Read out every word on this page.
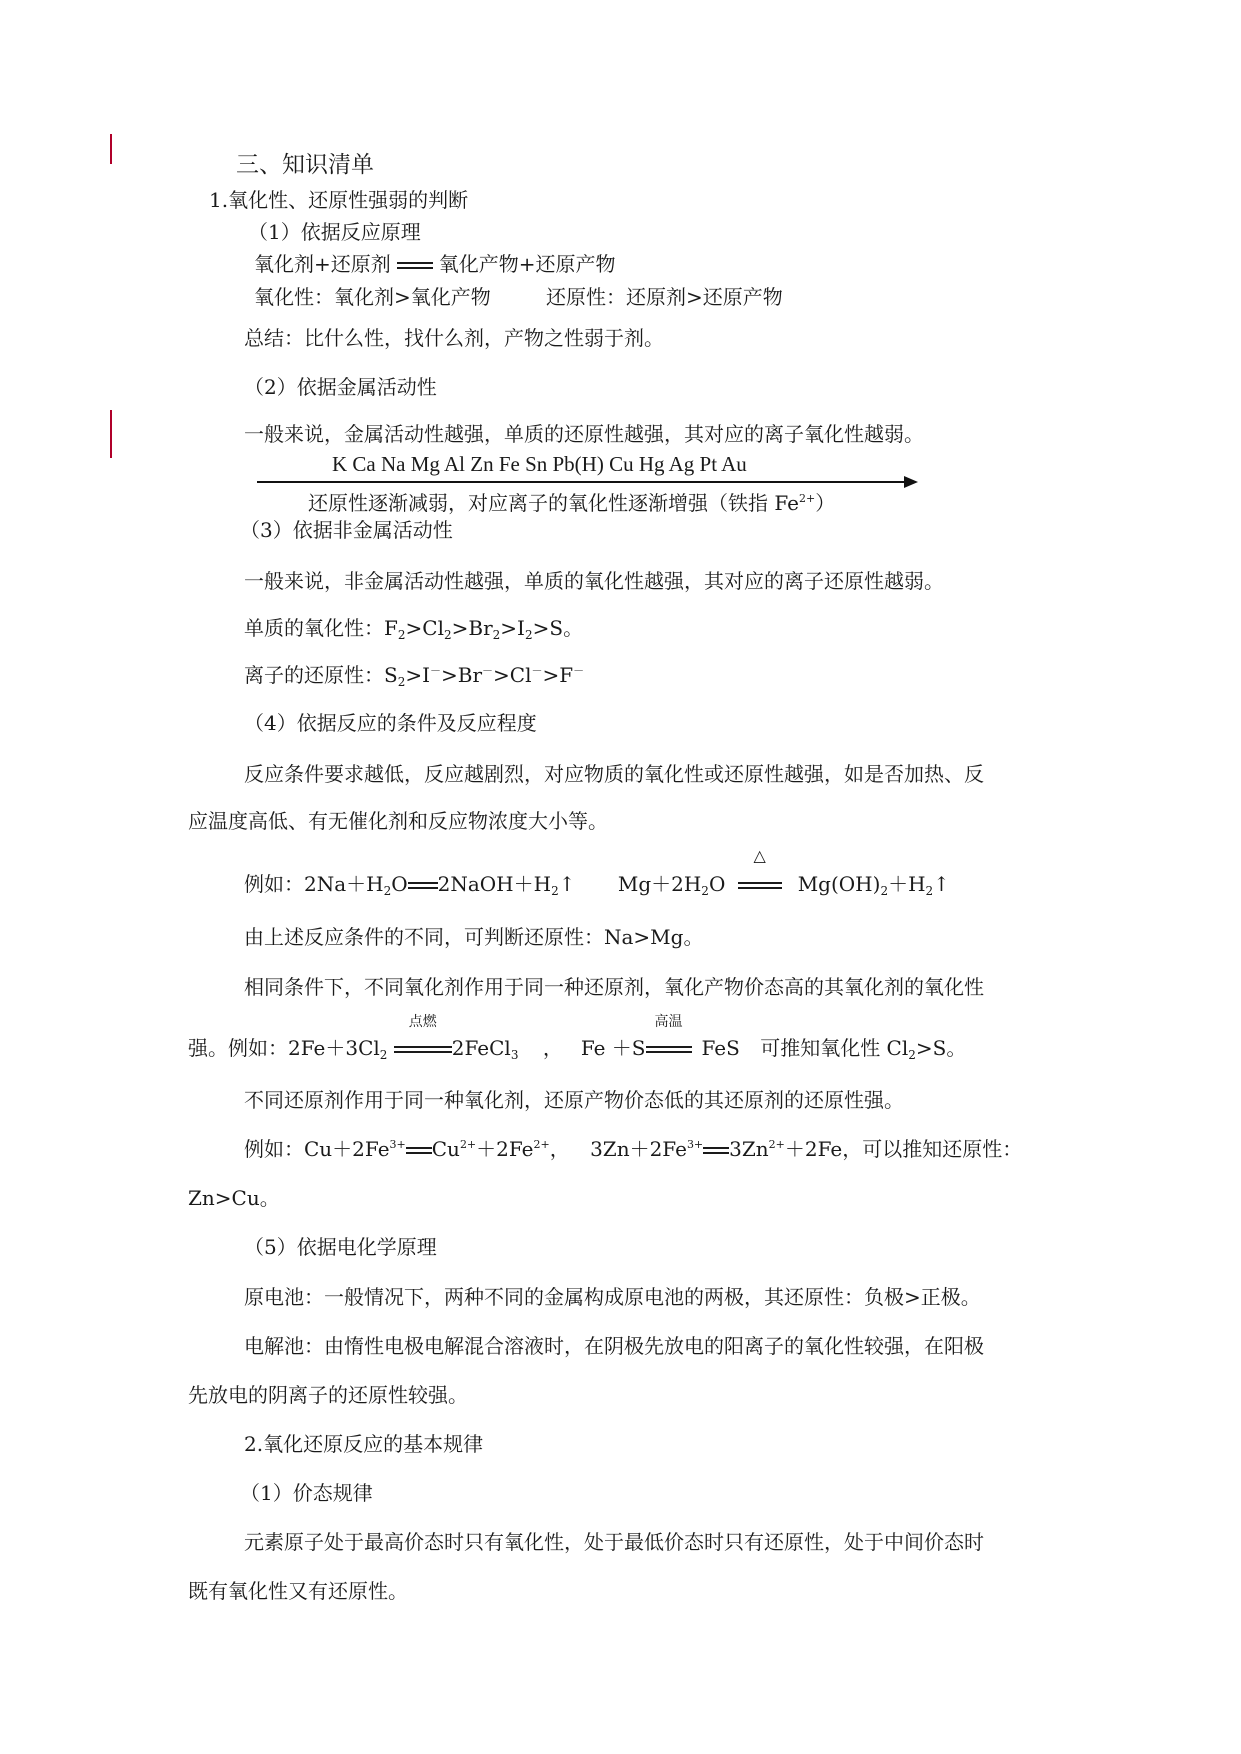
三、知识清单
1.氧化性、还原性强弱的判断
（1）依据反应原理
氧化剂+还原剂 氧化产物+还原产物
氧化性：氧化剂>氧化产物	还原性：还原剂>还原产物
总结：比什么性，找什么剂，产物之性弱于剂。
（2）依据金属活动性
一般来说，金属活动性越强，单质的还原性越强，其对应的离子氧化性越弱。
K Ca Na Mg Al Zn Fe Sn Pb(H) Cu Hg Ag Pt Au
还原性逐渐减弱，对应离子的氧化性逐渐增强（铁指 $Fe^{2+}$）
（3）依据非金属活动性
一般来说，非金属活动性越强，单质的氧化性越强，其对应的离子还原性越弱。
单质的氧化性：$F_2>Cl_2>Br_2>I_2>S$。
离子的还原性：$S_2>I^->Br^->Cl^->F^-$
（4）依据反应的条件及反应程度
反应条件要求越低，反应越剧烈，对应物质的氧化性或还原性越强，如是否加热、反
应温度高低、有无催化剂和反应物浓度大小等。
例如：$2Na+H_2O$ $2NaOH+H_2↑$ $Mg+2H_2O$
△
$Mg(OH)_2+H_2↑$
由上述反应条件的不同，可判断还原性：Na>Mg。
相同条件下，不同氧化剂作用于同一种还原剂，氧化产物价态高的其氧化剂的氧化性
强。例如：$2Fe+3Cl_2$
点燃
2FeCl$_3$ ， Fe ＋S
高温
FeS 可推知氧化性 $Cl_2>S$。
不同还原剂作用于同一种氧化剂，还原产物价态低的其还原剂的还原性强。
例如：$Cu+2Fe^{3+}$ $Cu^{2+}+2Fe^{2+}$， $3Zn+2Fe^{3+}$ $3Zn^{2+}+2Fe$，可以推知还原性：
Zn>Cu。
（5）依据电化学原理
原电池：一般情况下，两种不同的金属构成原电池的两极，其还原性：负极>正极。
电解池：由惰性电极电解混合溶液时，在阴极先放电的阳离子的氧化性较强，在阳极
先放电的阴离子的还原性较强。
2.氧化还原反应的基本规律
（1）价态规律
元素原子处于最高价态时只有氧化性，处于最低价态时只有还原性，处于中间价态时
既有氧化性又有还原性。
